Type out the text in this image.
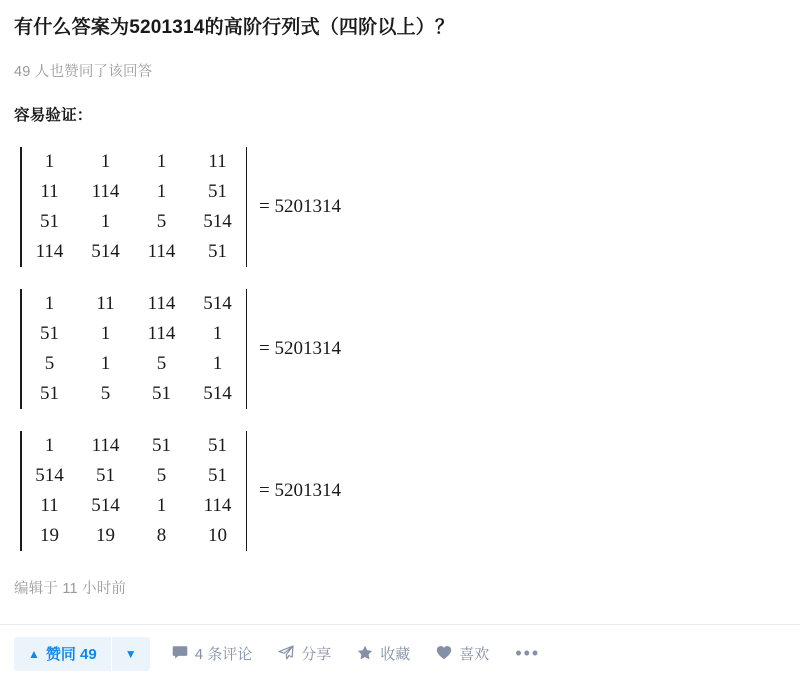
有什么答案为5201314的高阶行列式（四阶以上）？
49 人也赞同了该回答
容易验证：
1	1	1	11
11	114	1	51
51	1	5	514
114	514	114	51
= 5201314
1	11	114	514
51	1	114	1
5	1	5	1
51	5	51	514
= 5201314
1	114	51	51
514	51	5	51
11	514	1	114
19	19	8	10
= 5201314
编辑于 11 小时前
▲ 赞同 49 ▼	4 条评论	分享	收藏	喜欢 •••
